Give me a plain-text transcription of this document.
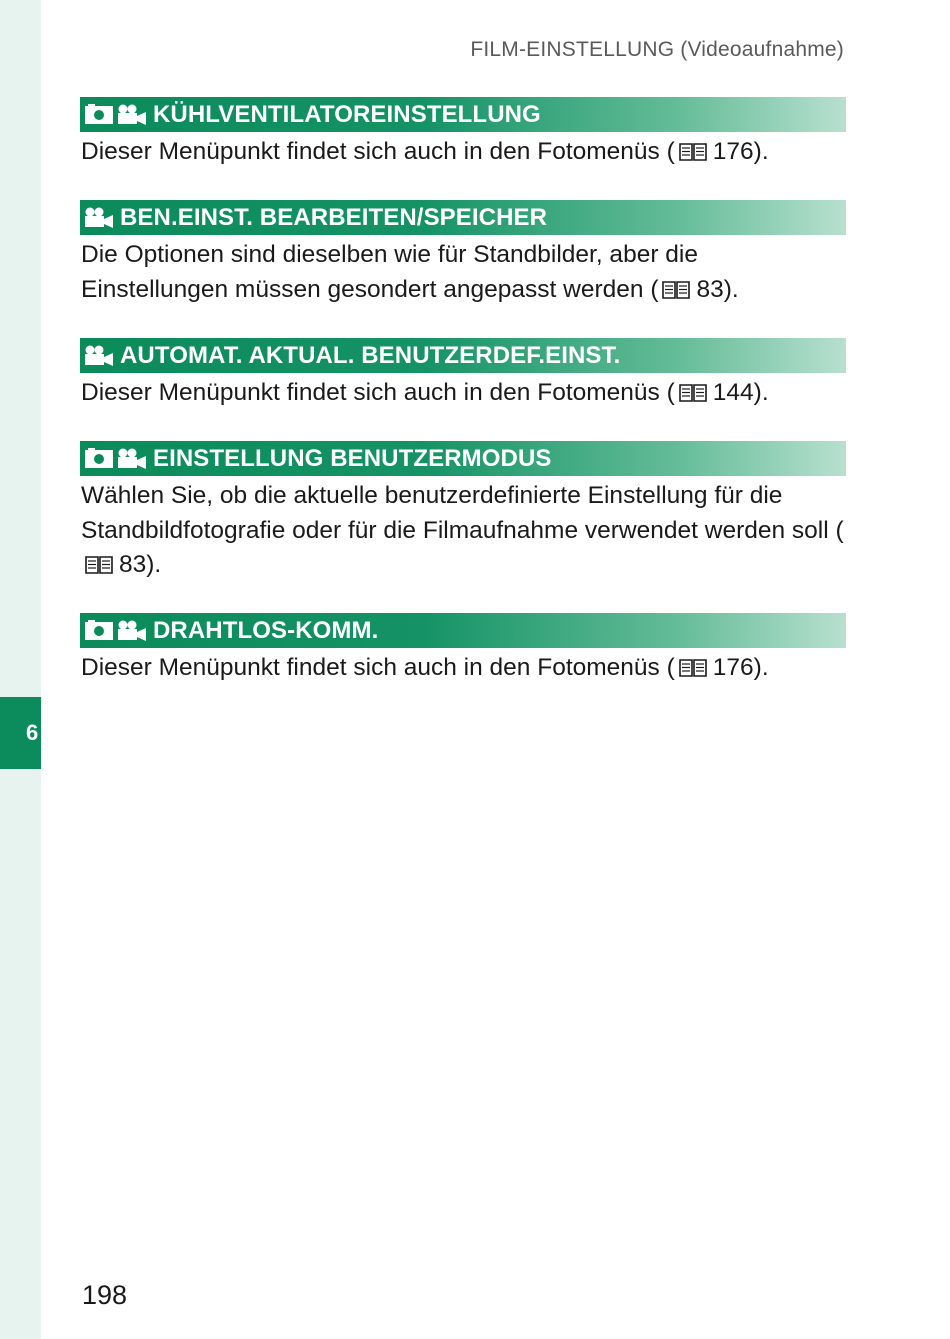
6
FILM-EINSTELLUNG (Videoaufnahme)
KÜHLVENTILATOREINSTELLUNG
Dieser Menüpunkt findet sich auch in den Fotomenüs ( 176).
BEN.EINST. BEARBEITEN/SPEICHER
Die Optionen sind dieselben wie für Standbilder, aber die Einstellungen müssen gesondert angepasst werden ( 83).
AUTOMAT. AKTUAL. BENUTZERDEF.EINST.
Dieser Menüpunkt findet sich auch in den Fotomenüs ( 144).
EINSTELLUNG BENUTZERMODUS
Wählen Sie, ob die aktuelle benutzerdefinierte Einstellung für die Standbildfotografie oder für die Filmaufnahme verwendet werden soll (83).
DRAHTLOS-KOMM.
Dieser Menüpunkt findet sich auch in den Fotomenüs ( 176).
198
